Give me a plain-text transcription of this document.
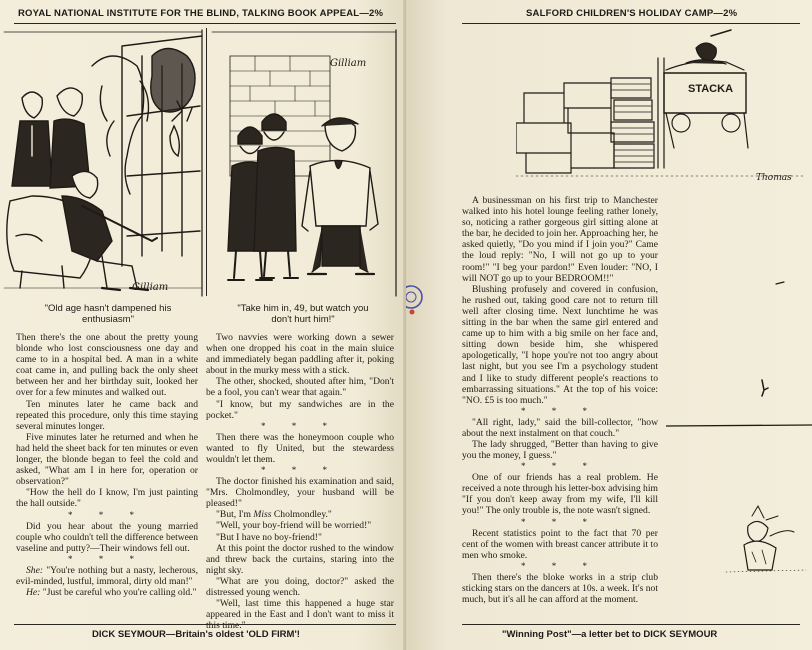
ROYAL NATIONAL INSTITUTE FOR THE BLIND, TALKING BOOK APPEAL—2%
Gilliam
Gilliam
"Old age hasn't dampened his
enthusiasm"
"Take him in, 49, but watch you
don't hurt him!"

Then there's the one about the pretty young blonde who lost consciousness one day and came to in a hospital bed. A man in a white coat came in, and pulling back the only sheet between her and her birthday suit, looked her over for a few minutes and walked out.

Ten minutes later he came back and repeated this procedure, only this time staying several minutes longer.

Five minutes later he returned and when he had held the sheet back for ten minutes or even longer, the blonde began to feel the cold and asked, "What am I in here for, operation or observation?"

"How the hell do I know, I'm just painting the hall outside."

* * *

Did you hear about the young married couple who couldn't tell the difference between vaseline and putty?—Their windows fell out.

* * *

She: "You're nothing but a nasty, lecherous, evil-minded, lustful, immoral, dirty old man!"

He: "Just be careful who you're calling old."

Two navvies were working down a sewer when one dropped his coat in the main sluice and immediately began paddling after it, poking about in the murky mess with a stick.

The other, shocked, shouted after him, "Don't be a fool, you can't wear that again."

"I know, but my sandwiches are in the pocket."

* * *

Then there was the honeymoon couple who wanted to fly United, but the stewardess wouldn't let them.

* * *

The doctor finished his examination and said, "Mrs. Cholmondley, your husband will be pleased!"

"But, I'm Miss Cholmondley."

"Well, your boy-friend will be worried!"

"But I have no boy-friend!"

At this point the doctor rushed to the window and threw back the curtains, staring into the night sky.

"What are you doing, doctor?" asked the distressed young wench.

"Well, last time this happened a huge star appeared in the East and I don't want to miss it this time."

DICK SEYMOUR—Britain's oldest 'OLD FIRM'!
SALFORD CHILDREN'S HOLIDAY CAMP—2%
STACKA
Thomas

A businessman on his first trip to Manchester walked into his hotel lounge feeling rather lonely, so, noticing a rather gorgeous girl sitting alone at the bar, he decided to join her. Approaching her, he asked quietly, "Do you mind if I join you?" Came the loud reply: "No, I will not go up to your room!" "I beg your pardon!" Even louder: "NO, I will NOT go up to your BEDROOM!!"

Blushing profusely and covered in confusion, he rushed out, taking good care not to return till well after closing time. Next lunchtime he was sitting in the bar when the same girl entered and came up to him with a big smile on her face and, sitting down beside him, she whispered apologetically, "I hope you're not too angry about last night, but you see I'm a psychology student and I like to study different people's reactions to embarrassing situations." At the top of his voice: "NO. £5 is too much."

* * *

"All right, lady," said the bill-collector, "how about the next instalment on that couch."

The lady shrugged, "Better than having to give you the money, I guess."

* * *

One of our friends has a real problem. He received a note through his letter-box advising him "If you don't keep away from my wife, I'll kill you!" The only trouble is, the note wasn't signed.

* * *

Recent statistics point to the fact that 70 per cent of the women with breast cancer attribute it to men who smoke.

* * *

Then there's the bloke works in a strip club sticking stars on the dancers at 10s. a week. It's not much, but it's all he can afford at the moment.

"Winning Post"—a letter bet to DICK SEYMOUR
